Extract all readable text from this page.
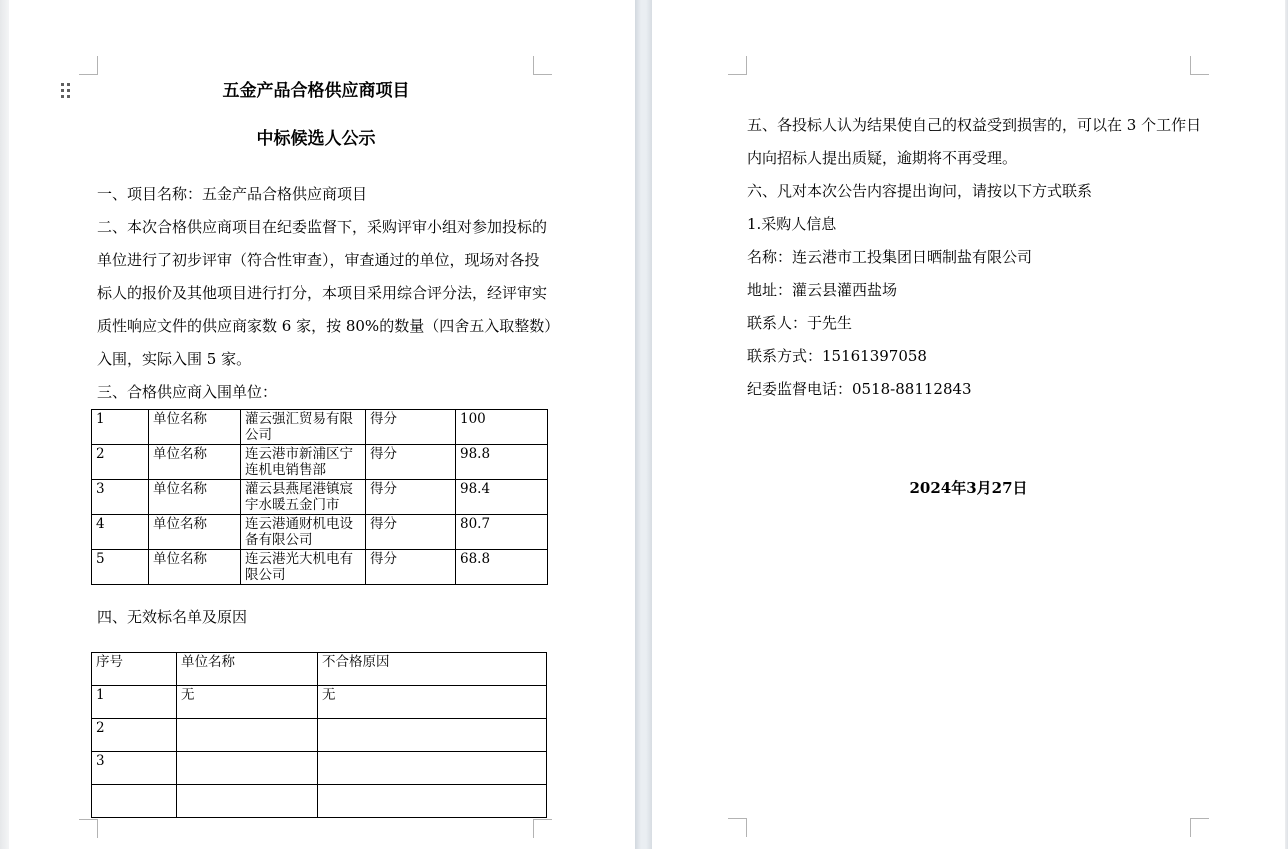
五金产品合格供应商项目
中标候选人公示
一、项目名称：五金产品合格供应商项目
二、本次合格供应商项目在纪委监督下，采购评审小组对参加投标的
单位进行了初步评审（符合性审查），审查通过的单位，现场对各投
标人的报价及其他项目进行打分，本项目采用综合评分法，经评审实
质性响应文件的供应商家数 6 家，按 80%的数量（四舍五入取整数）
入围，实际入围 5 家。
三、合格供应商入围单位：
1	单位名称	灌云强汇贸易有限公司	得分	100
2	单位名称	连云港市新浦区宁连机电销售部	得分	98.8
3	单位名称	灌云县燕尾港镇宸宇水暖五金门市	得分	98.4
4	单位名称	连云港通财机电设备有限公司	得分	80.7
5	单位名称	连云港光大机电有限公司	得分	68.8
四、无效标名单及原因
序号	单位名称	不合格原因
1	无	无
2		
3		

五、各投标人认为结果使自己的权益受到损害的，可以在 3 个工作日
内向招标人提出质疑，逾期将不再受理。
六、凡对本次公告内容提出询问，请按以下方式联系
1.采购人信息
名称：连云港市工投集团日晒制盐有限公司
地址：灌云县灌西盐场
联系人：于先生
联系方式：15161397058
纪委监督电话：0518-88112843
2024年3月27日
